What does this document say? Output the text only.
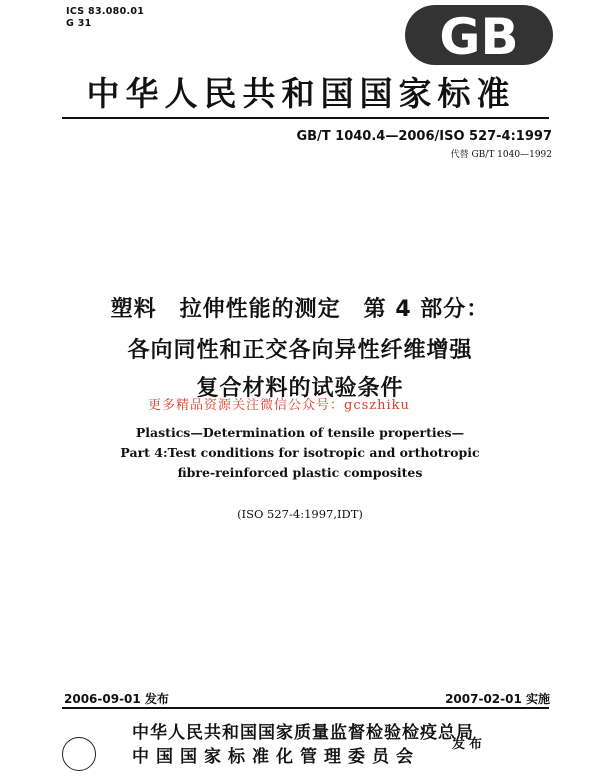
ICS 83.080.01
G 31	GB
中华人民共和国国家标准
GB/T 1040.4—2006/ISO 527-4:1997
代替 GB/T 1040—1992
塑料　拉伸性能的测定　第 4 部分：
各向同性和正交各向异性纤维增强
复合材料的试验条件
更多精品资源关注微信公众号：gcszhiku
Plastics—Determination of tensile properties—
Part 4:Test conditions for isotropic and orthotropic
fibre-reinforced plastic composites
(ISO 527-4:1997,IDT)
2006-09-01 发布	2007-02-01 实施
中华人民共和国国家质量监督检验检疫总局
中国国家标准化管理委员会
发布
